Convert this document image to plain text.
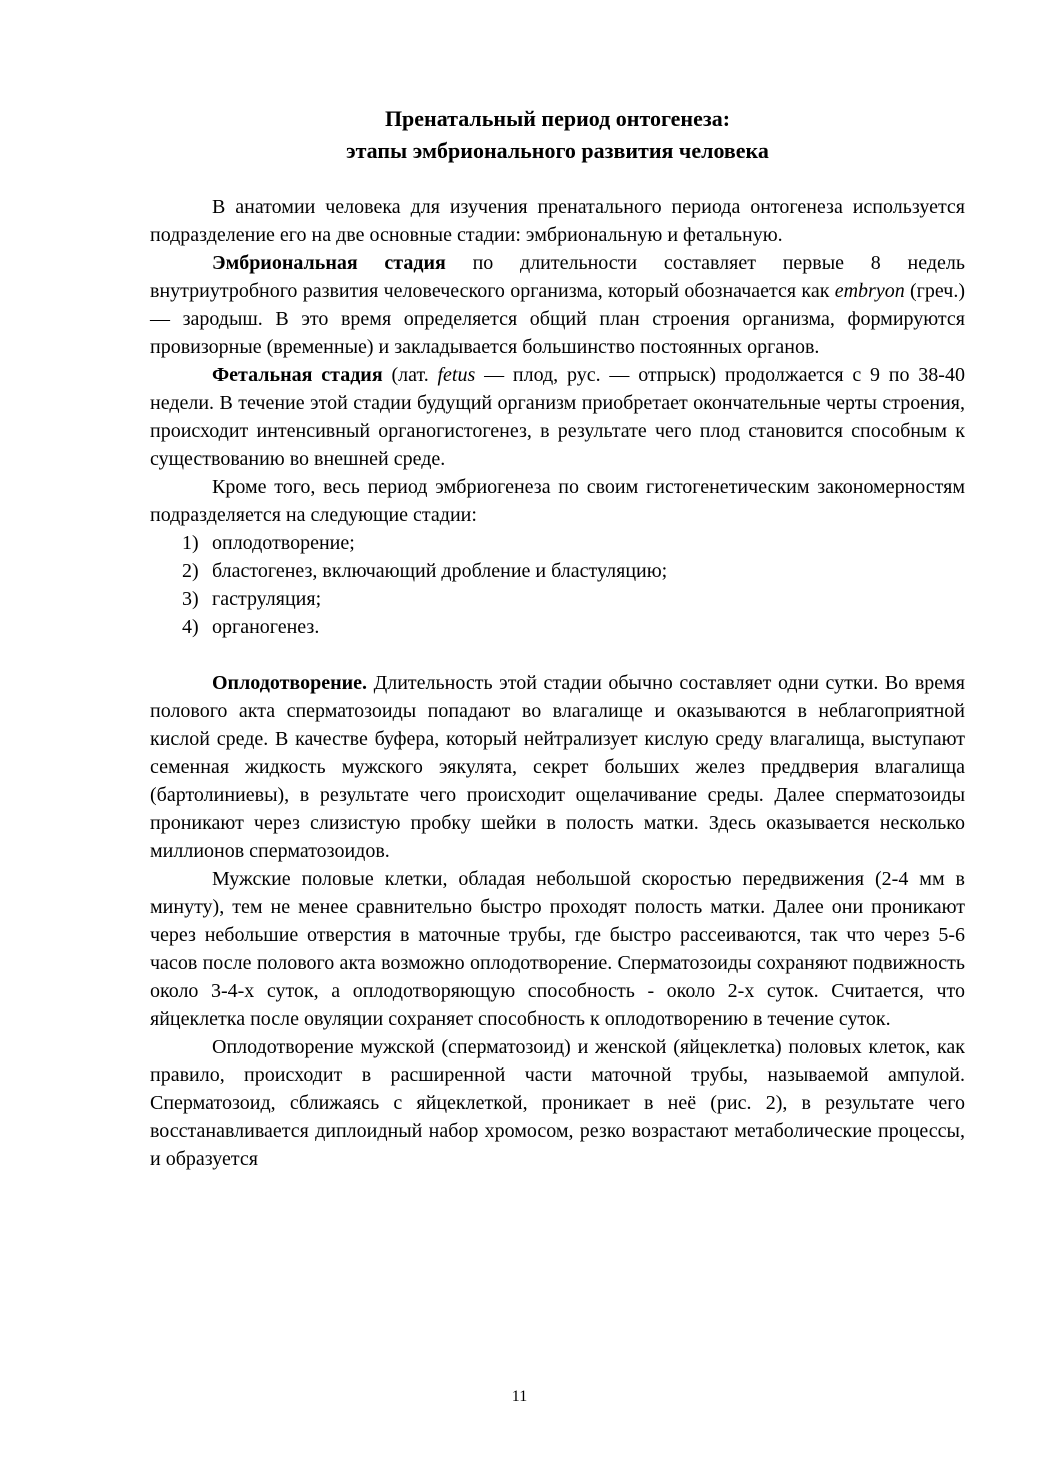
Пренатальный период онтогенеза:
этапы эмбрионального развития человека

В анатомии человека для изучения пренатального периода онтогенеза используется подразделение его на две основные стадии: эмбриональную и фетальную.

Эмбриональная стадия по длительности составляет первые 8 недель внутриутробного развития человеческого организма, который обозначается как embryon (греч.) — зародыш. В это время определяется общий план строения организма, формируются провизорные (временные) и закладывается большинство постоянных органов.

Фетальная стадия (лат. fetus — плод, рус. — отпрыск) продолжается с 9 по 38-40 недели. В течение этой стадии будущий организм приобретает окончательные черты строения, происходит интенсивный органогистогенез, в результате чего плод становится способным к существованию во внешней среде.

Кроме того, весь период эмбриогенеза по своим гистогенетическим закономерностям подразделяется на следующие стадии:

1) оплодотворение;
2) бластогенез, включающий дробление и бластуляцию;
3) гаструляция;
4) органогенез.

Оплодотворение. Длительность этой стадии обычно составляет одни сутки. Во время полового акта сперматозоиды попадают во влагалище и оказываются в неблагоприятной кислой среде. В качестве буфера, который нейтрализует кислую среду влагалища, выступают семенная жидкость мужского эякулята, секрет больших желез преддверия влагалища (бартолиниевы), в результате чего происходит ощелачивание среды. Далее сперматозоиды проникают через слизистую пробку шейки в полость матки. Здесь оказывается несколько миллионов сперматозоидов.

Мужские половые клетки, обладая небольшой скоростью передвижения (2-4 мм в минуту), тем не менее сравнительно быстро проходят полость матки. Далее они проникают через небольшие отверстия в маточные трубы, где быстро рассеиваются, так что через 5-6 часов после полового акта возможно оплодотворение. Сперматозоиды сохраняют подвижность около 3-4-х суток, а оплодотворяющую способность - около 2-х суток. Считается, что яйцеклетка после овуляции сохраняет способность к оплодотворению в течение суток.

Оплодотворение мужской (сперматозоид) и женской (яйцеклетка) половых клеток, как правило, происходит в расширенной части маточной трубы, называемой ампулой. Сперматозоид, сближаясь с яйцеклеткой, проникает в неё (рис. 2), в результате чего восстанавливается диплоидный набор хромосом, резко возрастают метаболические процессы, и образуется

11
